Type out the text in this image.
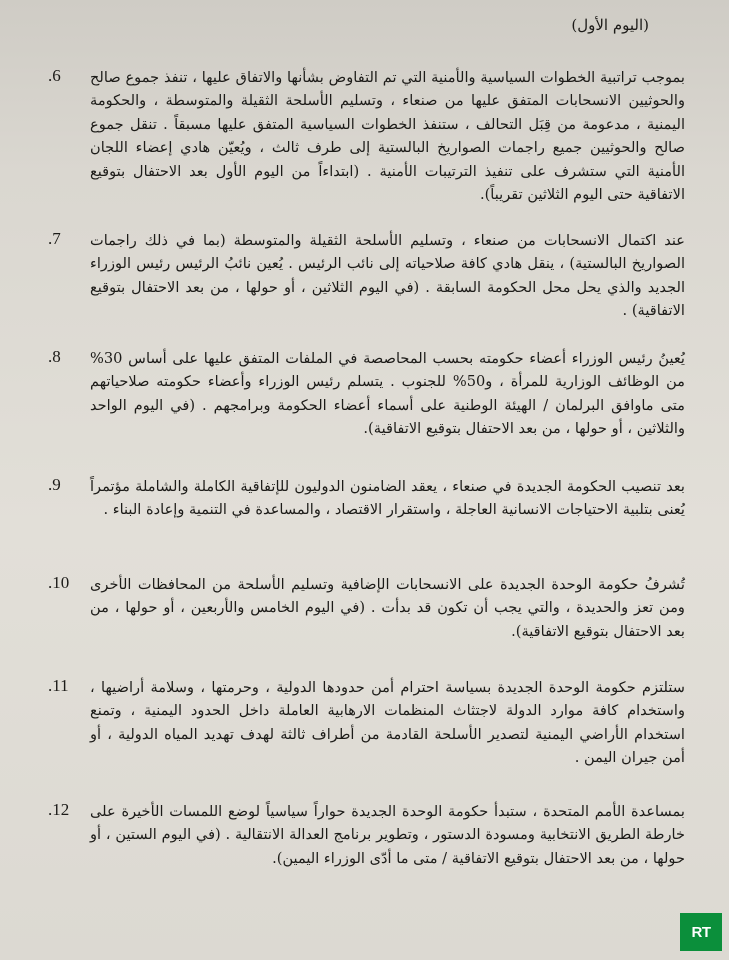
(اليوم الأول)
.6 بموجب تراتبية الخطوات السياسية والأمنية التي تم التفاوض بشأنها والاتفاق عليها ، تنفذ جموع صالح والحوثيين الانسحابات المتفق عليها من صنعاء ، وتسليم الأسلحة الثقيلة والمتوسطة ، والحكومة اليمنية ، مدعومة من قِبَل التحالف ، ستنفذ الخطوات السياسية المتفق عليها مسبقاً . تنقل جموع صالح والحوثيين جميع راجمات الصواريخ البالستية إلى طرف ثالث ، ويُعيّن هادي إعضاء اللجان الأمنية التي ستشرف على تنفيذ الترتيبات الأمنية . (ابتداءاً من اليوم الأول بعد الاحتفال بتوقيع الاتفاقية حتى اليوم الثلاثين تقريباً).

.7 عند اكتمال الانسحابات من صنعاء ، وتسليم الأسلحة الثقيلة والمتوسطة (بما في ذلك راجمات الصواريخ البالستية) ، ينقل هادي كافة صلاحياته إلى نائب الرئيس . يُعين نائبُ الرئيس رئيس الوزراء الجديد والذي يحل محل الحكومة السابقة . (في اليوم الثلاثين ، أو حولها ، من بعد الاحتفال بتوقيع الاتفاقية) .

.8 يُعينُ رئيس الوزراء أعضاء حكومته بحسب المحاصصة في الملفات المتفق عليها على أساس 30% من الوظائف الوزارية للمرأة ، و50% للجنوب . يتسلم رئيس الوزراء وأعضاء حكومته صلاحياتهم متى ماوافق البرلمان / الهيئة الوطنية على أسماء أعضاء الحكومة وبرامجهم . (في اليوم الواحد والثلاثين ، أو حولها ، من بعد الاحتفال بتوقيع الاتفاقية).

.9 بعد تنصيب الحكومة الجديدة في صنعاء ، يعقد الضامنون الدوليون للإتفاقية الكاملة والشاملة مؤتمراً يُعنى بتلبية الاحتياجات الانسانية العاجلة ، واستقرار الاقتصاد ، والمساعدة في التنمية وإعادة البناء .

.10 تُشرفُ حكومة الوحدة الجديدة على الانسحابات الإضافية وتسليم الأسلحة من المحافظات الأخرى ومن تعز والحديدة ، والتي يجب أن تكون قد بدأت . (في اليوم الخامس والأربعين ، أو حولها ، من بعد الاحتفال بتوقيع الاتفاقية).

.11 ستلتزم حكومة الوحدة الجديدة بسياسة احترام أمن حدودها الدولية ، وحرمتها ، وسلامة أراضيها ، واستخدام كافة موارد الدولة لاجتثاث المنظمات الارهابية العاملة داخل الحدود اليمنية ، وتمنع استخدام الأراضي اليمنية لتصدير الأسلحة القادمة من أطراف ثالثة لهدف تهديد المياه الدولية ، أو أمن جيران اليمن .

.12 بمساعدة الأمم المتحدة ، ستبدأ حكومة الوحدة الجديدة حواراً سياسياً لوضع اللمسات الأخيرة على خارطة الطريق الانتخابية ومسودة الدستور ، وتطوير برنامج العدالة الانتقالية . (في اليوم الستين ، أو حولها ، من بعد الاحتفال بتوقيع الاتفاقية / متى ما أدّى الوزراء اليمين).

RT
